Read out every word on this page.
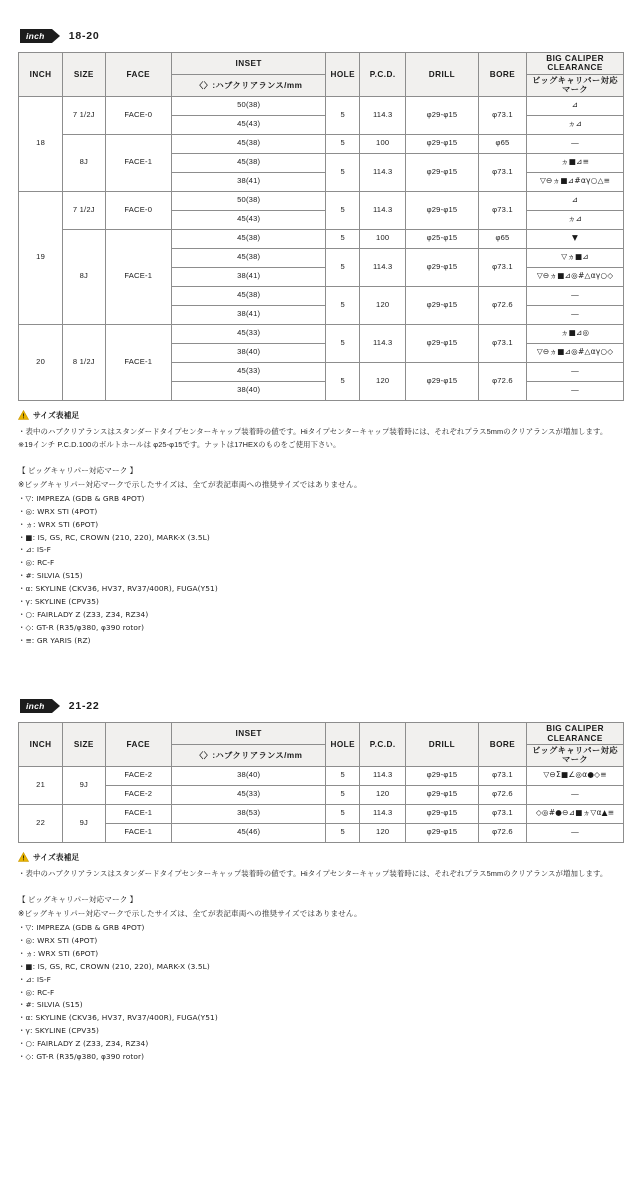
inch	18-20
INCH	SIZE	FACE	INSET	HOLE	P.C.D.	DRILL	BORE	BIG CALIPER CLEARANCE
			〈〉:ハブクリアランス/mm					ビッグキャリパー対応マーク
18	7 1/2J	FACE-0	50(38)	5	114.3	φ29-φ15	φ73.1	⊿
			45(43)					ヵ⊿
	8J	FACE-1	45(38)	5	100	φ29-φ15	φ65	—
			45(38)	5	114.3	φ29-φ15	φ73.1	ヵ■⊿≡
			38(41)					▽⊖ヵ■⊿#αγ○△≡
19	7 1/2J	FACE-0	50(38)	5	114.3	φ29-φ15	φ73.1	⊿
			45(43)					ヵ⊿
	8J	FACE-1	45(38)	5	100	φ25-φ15	φ65	▼
			45(38)	5	114.3	φ29-φ15	φ73.1	▽ヵ■⊿
			38(41)					▽⊖ヵ■⊿◎#△αγ○◇
			45(38)	5	120	φ29-φ15	φ72.6	—
			38(41)					—
20	8 1/2J	FACE-1	45(33)	5	114.3	φ29-φ15	φ73.1	ヵ■⊿◎
			38(40)					▽⊖ヵ■⊿◎#△αγ○◇
			45(33)	5	120	φ29-φ15	φ72.6	—
			38(40)					—
サイズ表補足
・表中のハブクリアランスはスタンダードタイプセンターキャップ装着時の値です。Hiタイプセンターキャップ装着時には、それぞれプラス5mmのクリアランスが増加します。
※19インチ P.C.D.100のボルトホールは φ25-φ15です。ナットは17HEXのものをご使用下さい。
【 ビッグキャリパー対応マーク 】
※ビッグキャリパー対応マークで示したサイズは、全てが表記車両への推奨サイズではありません。
・▽: IMPREZA (GDB & GRB 4POT)
・◎: WRX STI (4POT)
・ヵ: WRX STI (6POT)
・■: IS, GS, RC, CROWN (210, 220), MARK-X (3.5L)
・⊿: IS-F
・◎: RC-F
・#: SILVIA (S15)
・α: SKYLINE (CKV36, HV37, RV37/400R), FUGA(Y51)
・γ: SKYLINE (CPV35)
・○: FAIRLADY Z (Z33, Z34, RZ34)
・◇: GT-R (R35/φ380, φ390 rotor)
・≡: GR YARIS (RZ)
inch	21-22
INCH	SIZE	FACE	INSET	HOLE	P.C.D.	DRILL	BORE	BIG CALIPER CLEARANCE
			〈〉:ハブクリアランス/mm					ビッグキャリパー対応マーク
21	9J	FACE-2	38(40)	5	114.3	φ29-φ15	φ73.1	▽⊖Σ■∠◎α●◇≡
		FACE-2	45(33)	5	120	φ29-φ15	φ72.6	—
22	9J	FACE-1	38(53)	5	114.3	φ29-φ15	φ73.1	◇◎#●⊖⊿■ヵ▽α▲≡
		FACE-1	45(46)	5	120	φ29-φ15	φ72.6	—
サイズ表補足
・表中のハブクリアランスはスタンダードタイプセンターキャップ装着時の値です。Hiタイプセンターキャップ装着時には、それぞれプラス5mmのクリアランスが増加します。
【 ビッグキャリパー対応マーク 】
※ビッグキャリパー対応マークで示したサイズは、全てが表記車両への推奨サイズではありません。
・▽: IMPREZA (GDB & GRB 4POT)
・◎: WRX STI (4POT)
・ヵ: WRX STI (6POT)
・■: IS, GS, RC, CROWN (210, 220), MARK-X (3.5L)
・⊿: IS-F
・◎: RC-F
・#: SILVIA (S15)
・α: SKYLINE (CKV36, HV37, RV37/400R), FUGA(Y51)
・γ: SKYLINE (CPV35)
・○: FAIRLADY Z (Z33, Z34, RZ34)
・◇: GT-R (R35/φ380, φ390 rotor)
